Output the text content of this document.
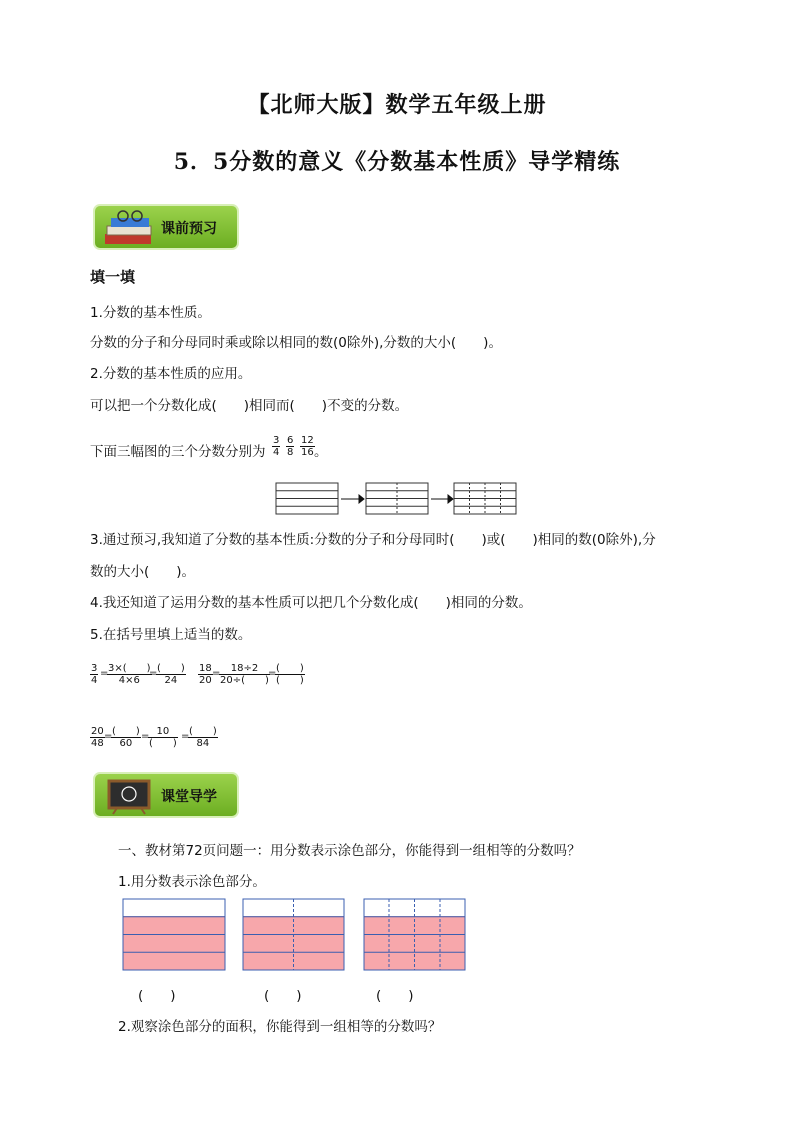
【北师大版】数学五年级上册
5．5分数的意义《分数基本性质》导学精练
课前预习
填一填
1.分数的基本性质。
分数的分子和分母同时乘或除以相同的数(0除外),分数的大小(　　)。
2.分数的基本性质的应用。
可以把一个分数化成(　　)相同而(　　)不变的分数。
下面三幅图的三个分数分别为 $\frac{3}{4} \frac{6}{8} \frac{12}{16}$ 。
3.通过预习,我知道了分数的基本性质:分数的分子和分母同时(　　)或(　　)相同的数(0除外),分
数的大小(　　)。
4.我还知道了运用分数的基本性质可以把几个分数化成(　　)相同的分数。
5.在括号里填上适当的数。
$\frac{3}{4}$ =
$\frac{3\times( )}{4\times 6}$
= (　　)
24	$\frac{18}{20}$ =
$\frac{18\div 2}{20\div( )}$
= (　　)
(　　)
$\frac{20}{48}$ = (　　)
60
= 10
(　　)
= (　　)
84
课堂导学
一、教材第72页问题一：用分数表示涂色部分，你能得到一组相等的分数吗？
1.用分数表示涂色部分。
(　　)	(　　)	(　　)
2.观察涂色部分的面积，你能得到一组相等的分数吗？
